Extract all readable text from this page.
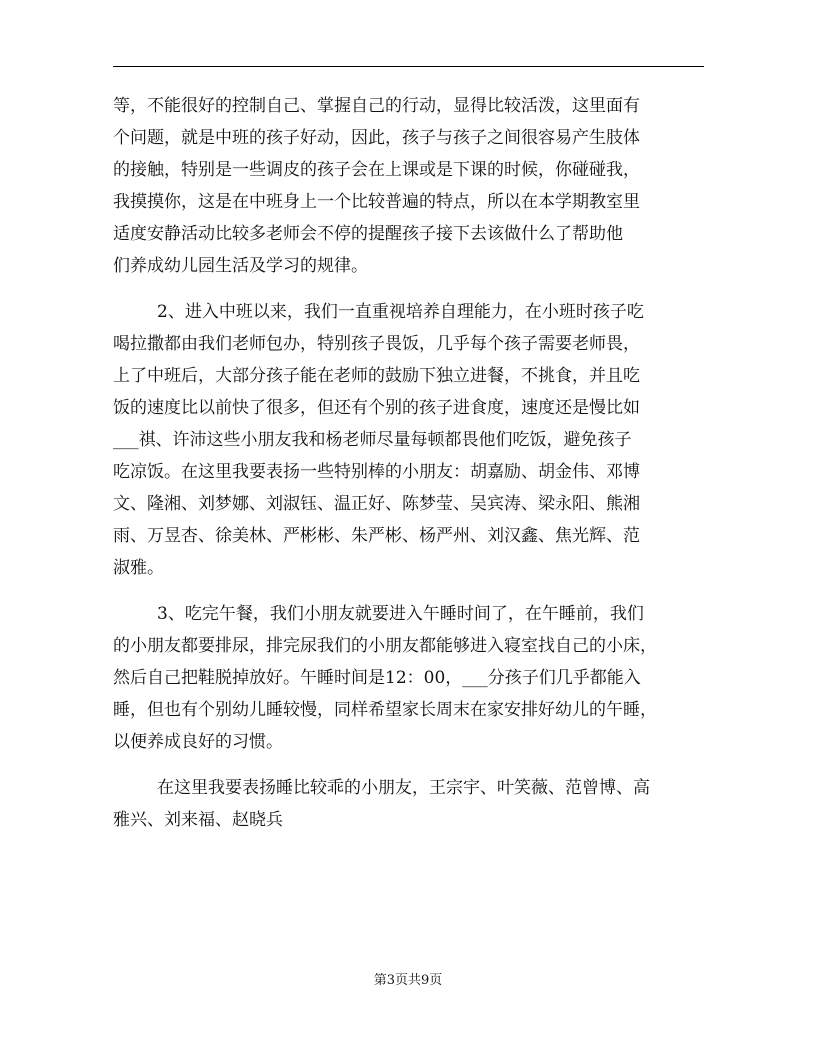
等，不能很好的控制自己、掌握自己的行动，显得比较活泼，这里面有
个问题，就是中班的孩子好动，因此，孩子与孩子之间很容易产生肢体
的接触，特别是一些调皮的孩子会在上课或是下课的时候，你碰碰我，
我摸摸你，这是在中班身上一个比较普遍的特点，所以在本学期教室里
适度安静活动比较多老师会不停的提醒孩子接下去该做什么了帮助他
们养成幼儿园生活及学习的规律。
2、进入中班以来，我们一直重视培养自理能力，在小班时孩子吃
喝拉撒都由我们老师包办，特别孩子畏饭，几乎每个孩子需要老师畏，
上了中班后，大部分孩子能在老师的鼓励下独立进餐，不挑食，并且吃
饭的速度比以前快了很多，但还有个别的孩子进食度，速度还是慢比如
___祺、许沛这些小朋友我和杨老师尽量每顿都畏他们吃饭，避免孩子
吃凉饭。在这里我要表扬一些特别棒的小朋友：胡嘉励、胡金伟、邓博
文、隆湘、刘梦娜、刘淑钰、温正好、陈梦莹、吴宾涛、梁永阳、熊湘
雨、万昱杏、徐美林、严彬彬、朱严彬、杨严州、刘汉鑫、焦光辉、范
淑雅。
3、吃完午餐，我们小朋友就要进入午睡时间了，在午睡前，我们
的小朋友都要排尿，排完尿我们的小朋友都能够进入寝室找自己的小床，
然后自己把鞋脱掉放好。午睡时间是12：00，___分孩子们几乎都能入
睡，但也有个别幼儿睡较慢，同样希望家长周末在家安排好幼儿的午睡，
以便养成良好的习惯。
在这里我要表扬睡比较乖的小朋友，王宗宇、叶笑薇、范曾博、高
雅兴、刘来福、赵晓兵
第3页共9页
